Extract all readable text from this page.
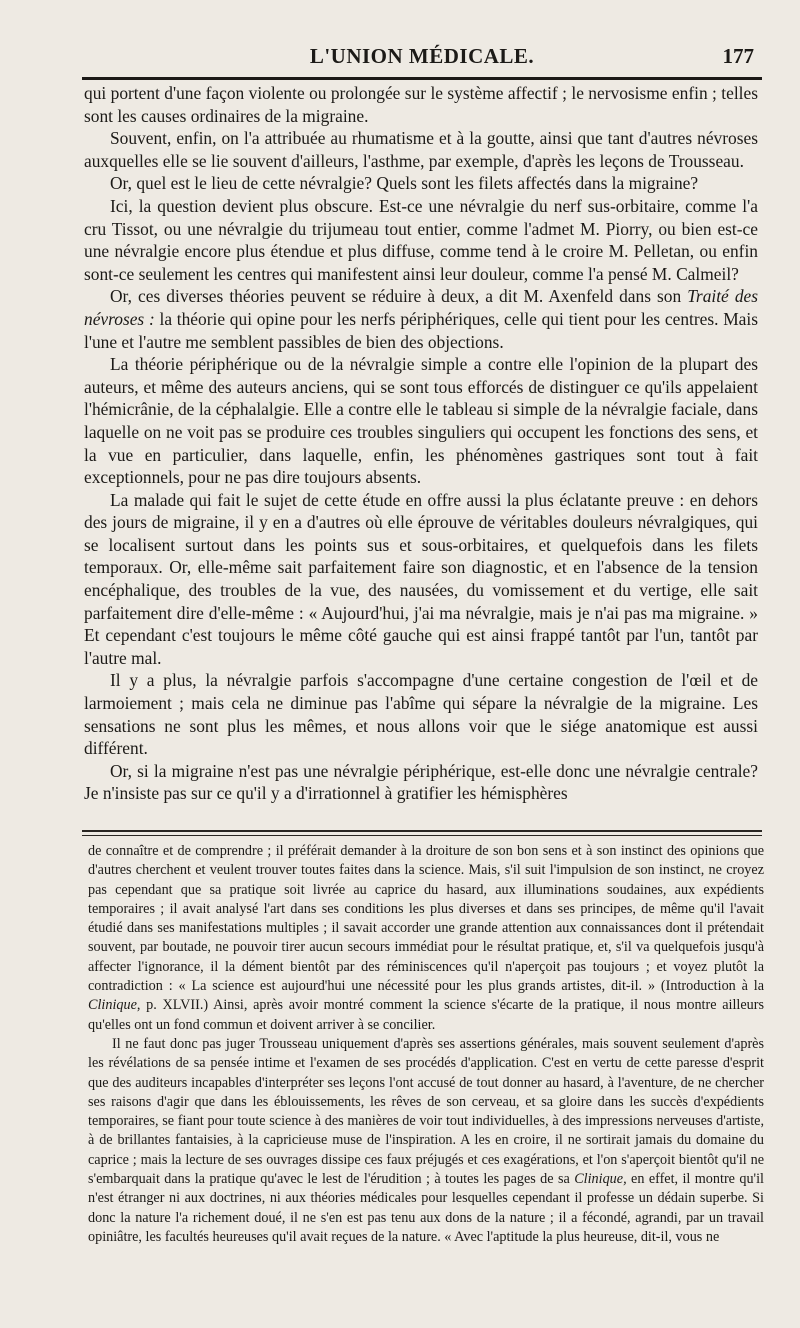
L'UNION MÉDICALE.	177

qui portent d'une façon violente ou prolongée sur le système affectif ; le nervosisme enfin ; telles sont les causes ordinaires de la migraine.

Souvent, enfin, on l'a attribuée au rhumatisme et à la goutte, ainsi que tant d'autres névroses auxquelles elle se lie souvent d'ailleurs, l'asthme, par exemple, d'après les leçons de Trousseau.

Or, quel est le lieu de cette névralgie? Quels sont les filets affectés dans la migraine?

Ici, la question devient plus obscure. Est-ce une névralgie du nerf sus-orbitaire, comme l'a cru Tissot, ou une névralgie du trijumeau tout entier, comme l'admet M. Piorry, ou bien est-ce une névralgie encore plus étendue et plus diffuse, comme tend à le croire M. Pelletan, ou enfin sont-ce seulement les centres qui manifestent ainsi leur douleur, comme l'a pensé M. Calmeil?

Or, ces diverses théories peuvent se réduire à deux, a dit M. Axenfeld dans son Traité des névroses : la théorie qui opine pour les nerfs périphériques, celle qui tient pour les centres. Mais l'une et l'autre me semblent passibles de bien des objections.

La théorie périphérique ou de la névralgie simple a contre elle l'opinion de la plupart des auteurs, et même des auteurs anciens, qui se sont tous efforcés de distinguer ce qu'ils appelaient l'hémicrânie, de la céphalalgie. Elle a contre elle le tableau si simple de la névralgie faciale, dans laquelle on ne voit pas se produire ces troubles singuliers qui occupent les fonctions des sens, et la vue en particulier, dans laquelle, enfin, les phénomènes gastriques sont tout à fait exceptionnels, pour ne pas dire toujours absents.

La malade qui fait le sujet de cette étude en offre aussi la plus éclatante preuve : en dehors des jours de migraine, il y en a d'autres où elle éprouve de véritables douleurs névralgiques, qui se localisent surtout dans les points sus et sous-orbitaires, et quelquefois dans les filets temporaux. Or, elle-même sait parfaitement faire son diagnostic, et en l'absence de la tension encéphalique, des troubles de la vue, des nausées, du vomissement et du vertige, elle sait parfaitement dire d'elle-même : « Aujourd'hui, j'ai ma névralgie, mais je n'ai pas ma migraine. » Et cependant c'est toujours le même côté gauche qui est ainsi frappé tantôt par l'un, tantôt par l'autre mal.

Il y a plus, la névralgie parfois s'accompagne d'une certaine congestion de l'œil et de larmoiement ; mais cela ne diminue pas l'abîme qui sépare la névralgie de la migraine. Les sensations ne sont plus les mêmes, et nous allons voir que le siége anatomique est aussi différent.

Or, si la migraine n'est pas une névralgie périphérique, est-elle donc une névralgie centrale? Je n'insiste pas sur ce qu'il y a d'irrationnel à gratifier les hémisphères

de connaître et de comprendre ; il préférait demander à la droiture de son bon sens et à son instinct des opinions que d'autres cherchent et veulent trouver toutes faites dans la science. Mais, s'il suit l'impulsion de son instinct, ne croyez pas cependant que sa pratique soit livrée au caprice du hasard, aux illuminations soudaines, aux expédients temporaires ; il avait analysé l'art dans ses conditions les plus diverses et dans ses principes, de même qu'il l'avait étudié dans ses manifestations multiples ; il savait accorder une grande attention aux connaissances dont il prétendait souvent, par boutade, ne pouvoir tirer aucun secours immédiat pour le résultat pratique, et, s'il va quelquefois jusqu'à affecter l'ignorance, il la dément bientôt par des réminiscences qu'il n'aperçoit pas toujours ; et voyez plutôt la contradiction : « La science est aujourd'hui une nécessité pour les plus grands artistes, dit-il. » (Introduction à la Clinique, p. XLVII.) Ainsi, après avoir montré comment la science s'écarte de la pratique, il nous montre ailleurs qu'elles ont un fond commun et doivent arriver à se concilier.

Il ne faut donc pas juger Trousseau uniquement d'après ses assertions générales, mais souvent seulement d'après les révélations de sa pensée intime et l'examen de ses procédés d'application. C'est en vertu de cette paresse d'esprit que des auditeurs incapables d'interpréter ses leçons l'ont accusé de tout donner au hasard, à l'aventure, de ne chercher ses raisons d'agir que dans les éblouissements, les rêves de son cerveau, et sa gloire dans les succès d'expédients temporaires, se fiant pour toute science à des manières de voir tout individuelles, à des impressions nerveuses d'artiste, à de brillantes fantaisies, à la capricieuse muse de l'inspiration. A les en croire, il ne sortirait jamais du domaine du caprice ; mais la lecture de ses ouvrages dissipe ces faux préjugés et ces exagérations, et l'on s'aperçoit bientôt qu'il ne s'embarquait dans la pratique qu'avec le lest de l'érudition ; à toutes les pages de sa Clinique, en effet, il montre qu'il n'est étranger ni aux doctrines, ni aux théories médicales pour lesquelles cependant il professe un dédain superbe. Si donc la nature l'a richement doué, il ne s'en est pas tenu aux dons de la nature ; il a fécondé, agrandi, par un travail opiniâtre, les facultés heureuses qu'il avait reçues de la nature. « Avec l'aptitude la plus heureuse, dit-il, vous ne
